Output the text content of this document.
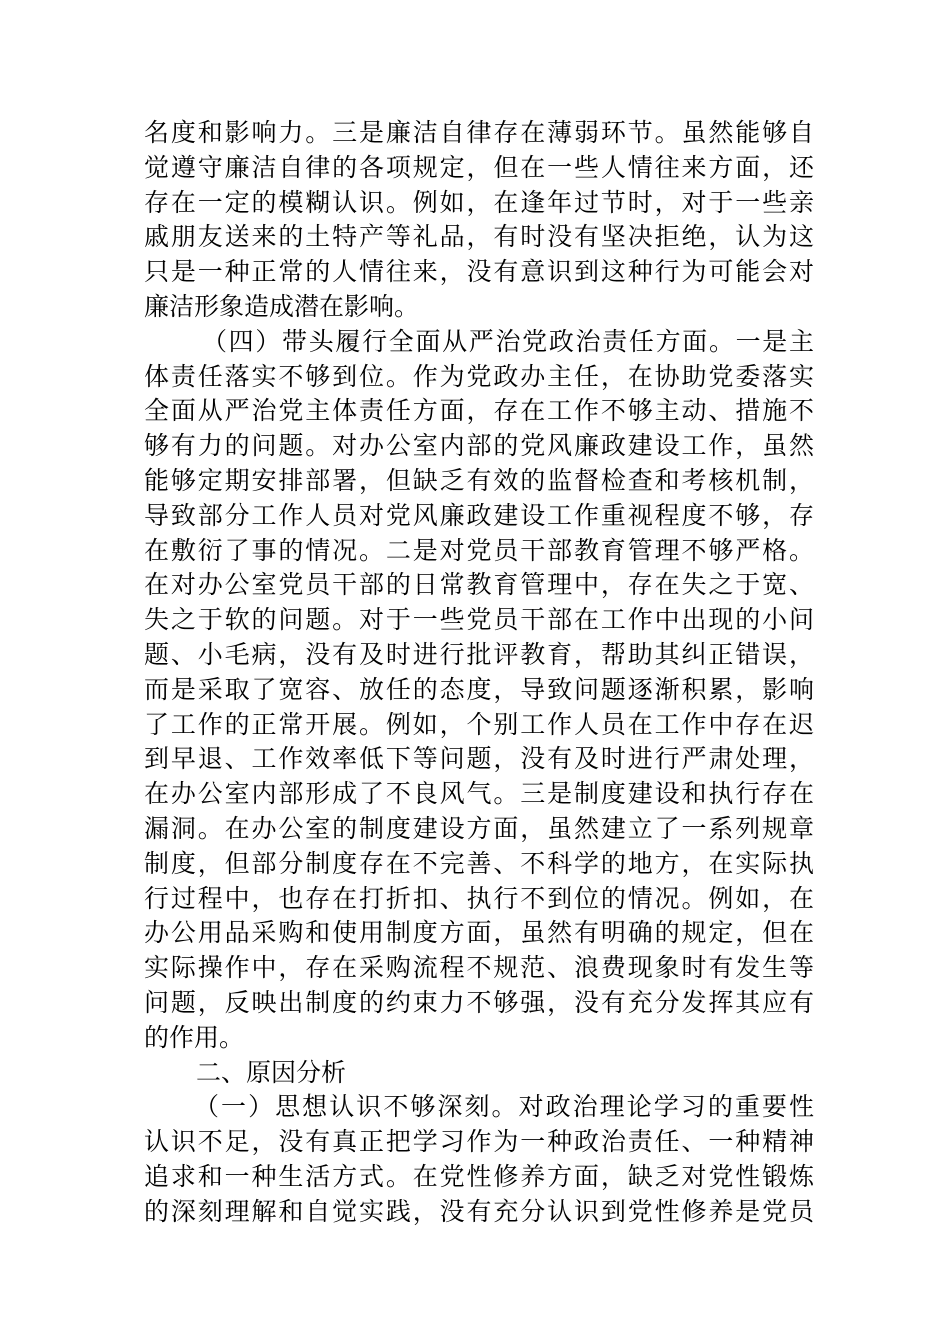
名度和影响力。三是廉洁自律存在薄弱环节。虽然能够自
觉遵守廉洁自律的各项规定，但在一些人情往来方面，还
存在一定的模糊认识。例如，在逢年过节时，对于一些亲
戚朋友送来的土特产等礼品，有时没有坚决拒绝，认为这
只是一种正常的人情往来，没有意识到这种行为可能会对
廉洁形象造成潜在影响。
（四）带头履行全面从严治党政治责任方面。一是主
体责任落实不够到位。作为党政办主任，在协助党委落实
全面从严治党主体责任方面，存在工作不够主动、措施不
够有力的问题。对办公室内部的党风廉政建设工作，虽然
能够定期安排部署，但缺乏有效的监督检查和考核机制，
导致部分工作人员对党风廉政建设工作重视程度不够，存
在敷衍了事的情况。二是对党员干部教育管理不够严格。
在对办公室党员干部的日常教育管理中，存在失之于宽、
失之于软的问题。对于一些党员干部在工作中出现的小问
题、小毛病，没有及时进行批评教育，帮助其纠正错误，
而是采取了宽容、放任的态度，导致问题逐渐积累，影响
了工作的正常开展。例如，个别工作人员在工作中存在迟
到早退、工作效率低下等问题，没有及时进行严肃处理，
在办公室内部形成了不良风气。三是制度建设和执行存在
漏洞。在办公室的制度建设方面，虽然建立了一系列规章
制度，但部分制度存在不完善、不科学的地方，在实际执
行过程中，也存在打折扣、执行不到位的情况。例如，在
办公用品采购和使用制度方面，虽然有明确的规定，但在
实际操作中，存在采购流程不规范、浪费现象时有发生等
问题，反映出制度的约束力不够强，没有充分发挥其应有
的作用。
二、原因分析
（一）思想认识不够深刻。对政治理论学习的重要性
认识不足，没有真正把学习作为一种政治责任、一种精神
追求和一种生活方式。在党性修养方面，缺乏对党性锻炼
的深刻理解和自觉实践，没有充分认识到党性修养是党员
